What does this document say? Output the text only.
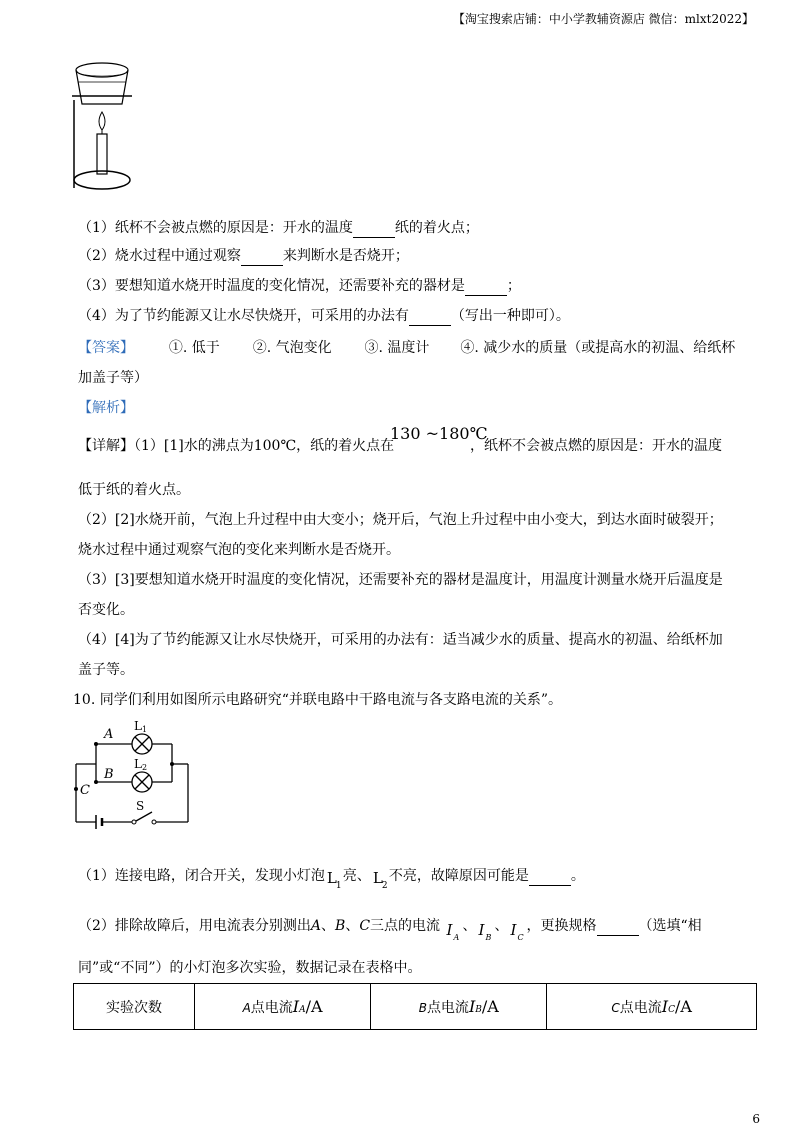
【淘宝搜索店铺：中小学教辅资源店 微信：mlxt2022】
（1）纸杯不会被点燃的原因是：开水的温度	纸的着火点；
（2）烧水过程中通过观察	来判断水是否烧开；
（3）要想知道水烧开时温度的变化情况，还需要补充的器材是	；
（4）为了节约能源又让水尽快烧开，可采用的办法有	（写出一种即可）。
【答案】 ①. 低于 ②. 气泡变化 ③. 温度计 ④. 减少水的质量（或提高水的初温、给纸杯
加盖子等）
【解析】
【详解】（1）[1]水的沸点为100℃，纸的着火点在
130 ~180℃
，纸杯不会被点燃的原因是：开水的温度
低于纸的着火点。
（2）[2]水烧开前，气泡上升过程中由大变小；烧开后，气泡上升过程中由小变大，到达水面时破裂开；
烧水过程中通过观察气泡的变化来判断水是否烧开。
（3）[3]要想知道水烧开时温度的变化情况，还需要补充的器材是温度计，用温度计测量水烧开后温度是
否变化。
（4）[4]为了节约能源又让水尽快烧开，可采用的办法有：适当减少水的质量、提高水的初温、给纸杯加
盖子等。
10. 同学们利用如图所示电路研究“并联电路中干路电流与各支路电流的关系”。
A
B
C
L 1
L 2
S
（1）连接电路，闭合开关，发现小灯泡 L 1
亮、 L 2
不亮，故障原因可能是	。
（2）排除故障后，用电流表分别测出A、B、C三点的电流 I A
、 I B
、 I C
，更换规格	（选填“相
同”或“不同”）的小灯泡多次实验，数据记录在表格中。
实验次数	A点电流IA/A	B点电流IB/A	C点电流IC/A
6
